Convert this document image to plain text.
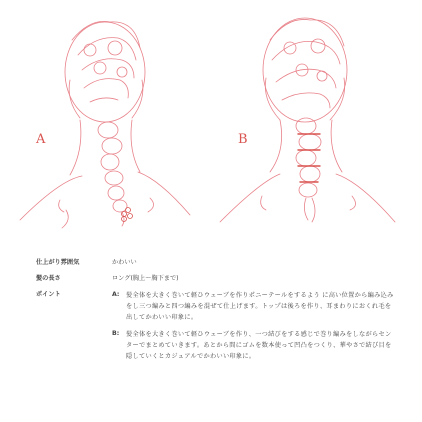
A	B
仕上がり雰囲気	かわいい
髪の長さ	ロング(胸上〜胸下まで)
ポイント	A:	髪全体を大きく巻いて軽ひウェーブを作りポニーテールをするよう に高い位置から編み込みをし三つ編みと四つ編みを混ぜて仕上げます。トップは後ろを作り、耳まわりにおくれ毛を出してかわいい印象に。
B:	髪全体を大きく巻いて軽ひウェーブを作り、一つ結びをする感じで巻り編みをしながらセンターでまとめていきます。あとから間にゴムを数本使って凹凸をつくり、華やさで結び目を隠していくとカジュアルでかわいい印象に。
